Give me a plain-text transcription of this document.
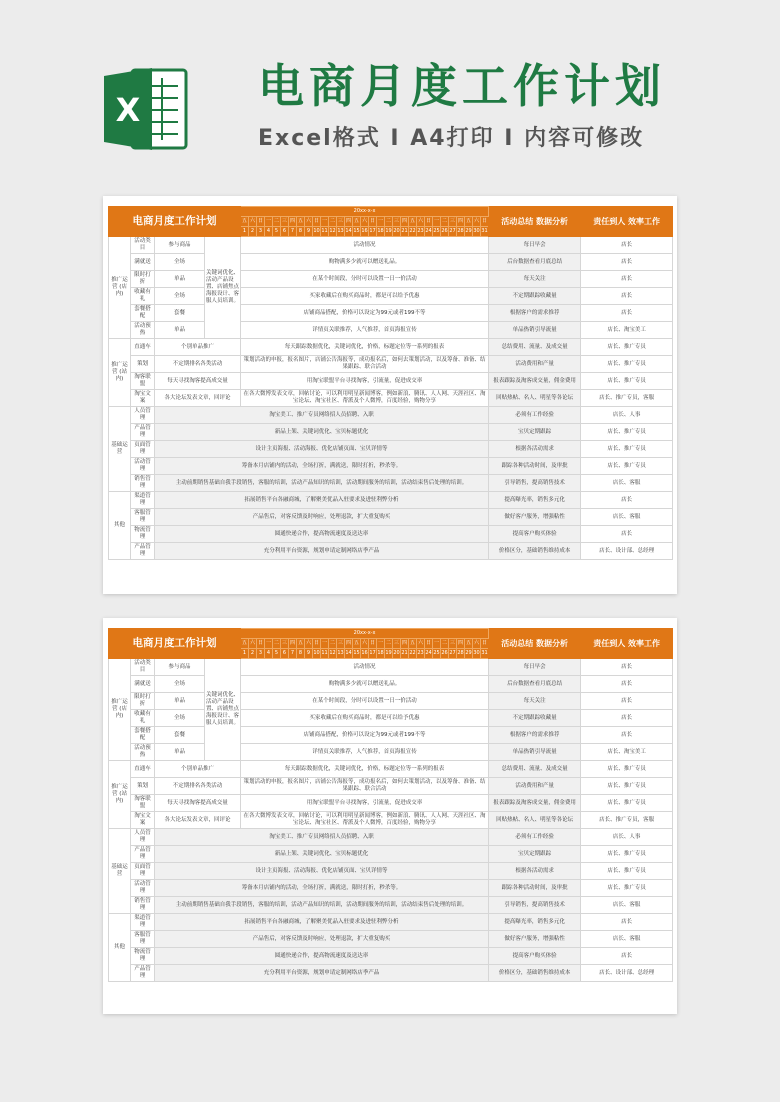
X	电商月度工作计划
Excel格式 I A4打印 I 内容可修改
电商月度工作计划				20xx-x-x																															活动总结 数据分析	责任到人 效率工作
				五	六	日	一	二	三	四	五	六	日	一	二	三	四	五	六	日	一	二	三	四	五	六	日	一	二	三	四	五	六	日		
				1	2	3	4	5	6	7	8	9	10	11	12	13	14	15	16	17	18	19	20	21	22	23	24	25	26	27	28	29	30	31		
推广运营 (店内)	活动类目	参与商品	关键词优化、活动产品设置、店铺焦点海报设计、客服人员培训。	活动情况																															每日早会	店长
	满就送	全场		购物满多少就可以赠送礼品。																															后台数据查看月底总结	店长
	限时打折	单品		在某个时间段，分时可以设置一日一价活动																															每天关注	店长
	收藏有礼	全场		买家收藏后在购买商品时，都是可以给予优惠																															不定期跟踪收藏量	店长
	套餐搭配	套餐		店铺商品搭配，价格可以设定为99元或者199不等																															根据客户的需求推荐	店长
	活动预热	单品		详情页关联推荐，人气推荐，首页海报宣传																															单品热销引导流量	店长、淘宝美工
推广运营 (站内)	直通车	个别单品推广		每天跟踪数据优化，关键词优化，价格，标题定位等一系列的报表																															总结费用、流量、及成交量	店长、推广专员
	策划	不定期排名各类活动		策划活动的申报，报名图片，店铺公告海报等，成功报名后，如何去策划活动，以及筹备、准备、结果跟踪、联合活动																															活动费用和产量	店长、推广专员
	淘客联盟	每天寻找淘客提高成交量		用淘宝联盟平台寻找淘客，引流量，促进成交率																															报表跟踪及淘客成交量，佣金费用	店长、推广专员
	淘宝文案	各大论坛发表文章，回评论		在各大微博发表文章，回帖讨论，可以利用明星新闻博客，例如新浪、腾讯、人人网、天涯社区、淘宝论坛、淘宝社区、帮派及个人微博，百度经验，购物分享																															回贴热帖、名人、明星等各论坛	店长、推广专员，客服
基础运营	人员管理	淘宝美工、推广专员网络招人员招聘、入职																																	必须有工作经验	店长、人事
	产品管理	新品上架、关键词优化、宝贝标题优化																																	宝贝定期跟踪	店长、推广专员
	页面管理	设计主页海报、活动海报、优化店铺页面、宝贝详情等																																	根据各活动需求	店长、推广专员
	活动管理	筹备本月店铺内的活动，全场打折，满就送，限时打折，秒杀等。																																	跟踪各种活动时间，及审批	店长、推广专员
	销售管理	主动前期销售基础自我手段销售，客服的培训，活动产品知识的培训，活动期间服务的培训，活动结束售后处理的培训。																																	引导销售，提高销售技术	店长、客服
其他	渠道管理	拓展销售平台各融商城，了解聚美优品入驻要求及进驻利弊分析																																	提高曝光率，销售多元化	店长
	客服管理	产品售后，对客反馈及时响应，处理退款，扩大重复购买																																	做好客户服务，增强粘性	店长、客服
	物流管理	圆通快递合作，提高物流速度及送达率																																	提高客户购买体验	店长
	产品管理	充分利用平台资源，规划申请定制网络店季产品																																	价格区分，基础销售维持成本	店长、设计部、总经理
电商月度工作计划				20xx-x-x																															活动总结 数据分析	责任到人 效率工作
				五	六	日	一	二	三	四	五	六	日	一	二	三	四	五	六	日	一	二	三	四	五	六	日	一	二	三	四	五	六	日		
				1	2	3	4	5	6	7	8	9	10	11	12	13	14	15	16	17	18	19	20	21	22	23	24	25	26	27	28	29	30	31		
推广运营 (店内)	活动类目	参与商品	关键词优化、活动产品设置、店铺焦点海报设计、客服人员培训。	活动情况																															每日早会	店长
	满就送	全场		购物满多少就可以赠送礼品。																															后台数据查看月底总结	店长
	限时打折	单品		在某个时间段，分时可以设置一日一价活动																															每天关注	店长
	收藏有礼	全场		买家收藏后在购买商品时，都是可以给予优惠																															不定期跟踪收藏量	店长
	套餐搭配	套餐		店铺商品搭配，价格可以设定为99元或者199不等																															根据客户的需求推荐	店长
	活动预热	单品		详情页关联推荐，人气推荐，首页海报宣传																															单品热销引导流量	店长、淘宝美工
推广运营 (站内)	直通车	个别单品推广		每天跟踪数据优化，关键词优化，价格，标题定位等一系列的报表																															总结费用、流量、及成交量	店长、推广专员
	策划	不定期排名各类活动		策划活动的申报，报名图片，店铺公告海报等，成功报名后，如何去策划活动，以及筹备、准备、结果跟踪、联合活动																															活动费用和产量	店长、推广专员
	淘客联盟	每天寻找淘客提高成交量		用淘宝联盟平台寻找淘客，引流量，促进成交率																															报表跟踪及淘客成交量，佣金费用	店长、推广专员
	淘宝文案	各大论坛发表文章，回评论		在各大微博发表文章，回帖讨论，可以利用明星新闻博客，例如新浪、腾讯、人人网、天涯社区、淘宝论坛、淘宝社区、帮派及个人微博，百度经验，购物分享																															回贴热帖、名人、明星等各论坛	店长、推广专员，客服
基础运营	人员管理	淘宝美工、推广专员网络招人员招聘、入职																																	必须有工作经验	店长、人事
	产品管理	新品上架、关键词优化、宝贝标题优化																																	宝贝定期跟踪	店长、推广专员
	页面管理	设计主页海报、活动海报、优化店铺页面、宝贝详情等																																	根据各活动需求	店长、推广专员
	活动管理	筹备本月店铺内的活动，全场打折，满就送，限时打折，秒杀等。																																	跟踪各种活动时间，及审批	店长、推广专员
	销售管理	主动前期销售基础自我手段销售，客服的培训，活动产品知识的培训，活动期间服务的培训，活动结束售后处理的培训。																																	引导销售，提高销售技术	店长、客服
其他	渠道管理	拓展销售平台各融商城，了解聚美优品入驻要求及进驻利弊分析																																	提高曝光率，销售多元化	店长
	客服管理	产品售后，对客反馈及时响应，处理退款，扩大重复购买																																	做好客户服务，增强粘性	店长、客服
	物流管理	圆通快递合作，提高物流速度及送达率																																	提高客户购买体验	店长
	产品管理	充分利用平台资源，规划申请定制网络店季产品																																	价格区分，基础销售维持成本	店长、设计部、总经理
